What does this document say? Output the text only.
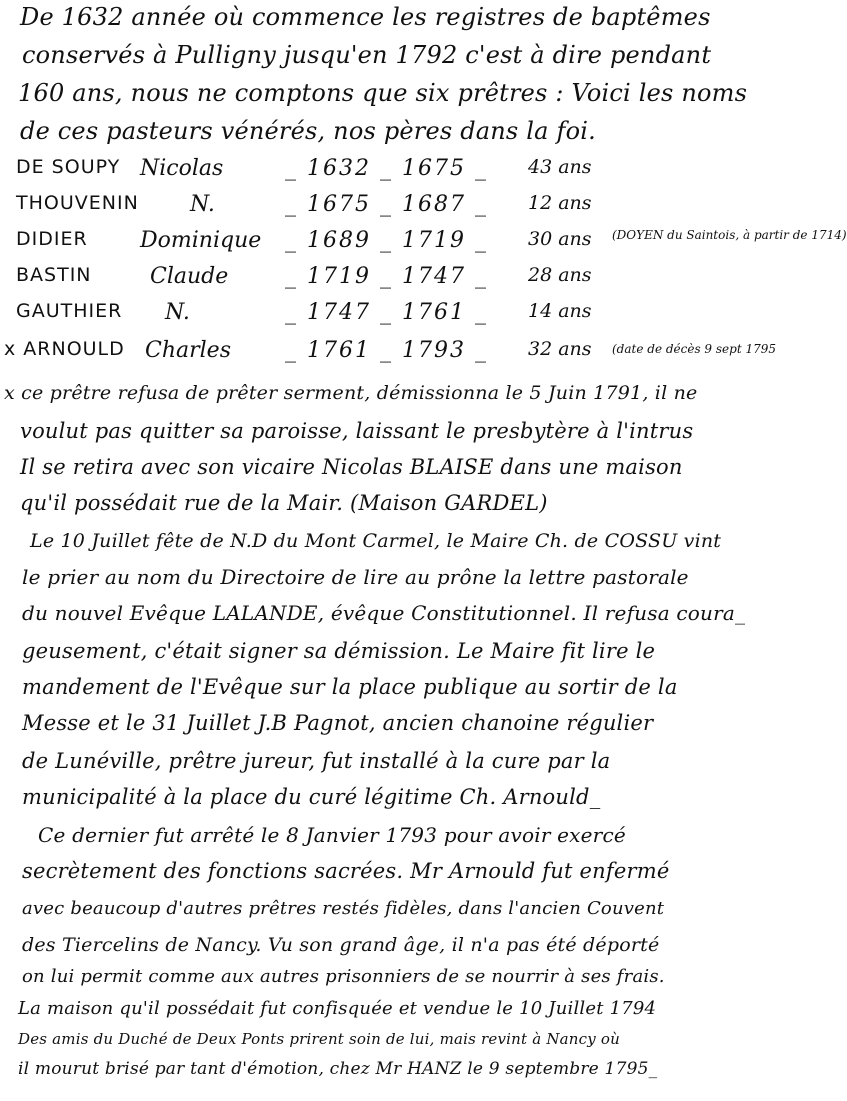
De 1632 année où commence les registres de baptêmes
conservés à Pulligny jusqu'en 1792 c'est à dire pendant
160 ans, nous ne comptons que six prêtres : Voici les noms
de ces pasteurs vénérés, nos pères dans la foi.
DE SOUPY Nicolas	_ 1632 _ 1675 _ 43 ans
THOUVENIN N.	_ 1675 _ 1687 _ 12 ans
DIDIER Dominique _ 1689 _ 1719 _ 30 ans (DOYEN du Saintois, à partir de 1714)
BASTIN	Claude	_ 1719 _ 1747 _ 28 ans
GAUTHIER N.	_ 1747 _ 1761 _ 14 ans
x ARNOULD Charles _ 1761 _ 1793 _ 32 ans (date de décès 9 sept 1795
x ce prêtre refusa de prêter serment, démissionna le 5 Juin 1791, il ne
voulut pas quitter sa paroisse, laissant le presbytère à l'intrus
Il se retira avec son vicaire Nicolas BLAISE dans une maison
qu'il possédait rue de la Mair. (Maison GARDEL)
Le 10 Juillet fête de N.D du Mont Carmel, le Maire Ch. de COSSU vint
le prier au nom du Directoire de lire au prône la lettre pastorale
du nouvel Evêque LALANDE, évêque Constitutionnel. Il refusa coura_
geusement, c'était signer sa démission. Le Maire fit lire le
mandement de l'Evêque sur la place publique au sortir de la
Messe et le 31 Juillet J.B Pagnot, ancien chanoine régulier
de Lunéville, prêtre jureur, fut installé à la cure par la
municipalité à la place du curé légitime Ch. Arnould_
Ce dernier fut arrêté le 8 Janvier 1793 pour avoir exercé
secrètement des fonctions sacrées. Mr Arnould fut enfermé
avec beaucoup d'autres prêtres restés fidèles, dans l'ancien Couvent
des Tiercelins de Nancy. Vu son grand âge, il n'a pas été déporté
on lui permit comme aux autres prisonniers de se nourrir à ses frais.
La maison qu'il possédait fut confisquée et vendue le 10 Juillet 1794
Des amis du Duché de Deux Ponts prirent soin de lui, mais revint à Nancy où
il mourut brisé par tant d'émotion, chez Mr HANZ le 9 septembre 1795_
